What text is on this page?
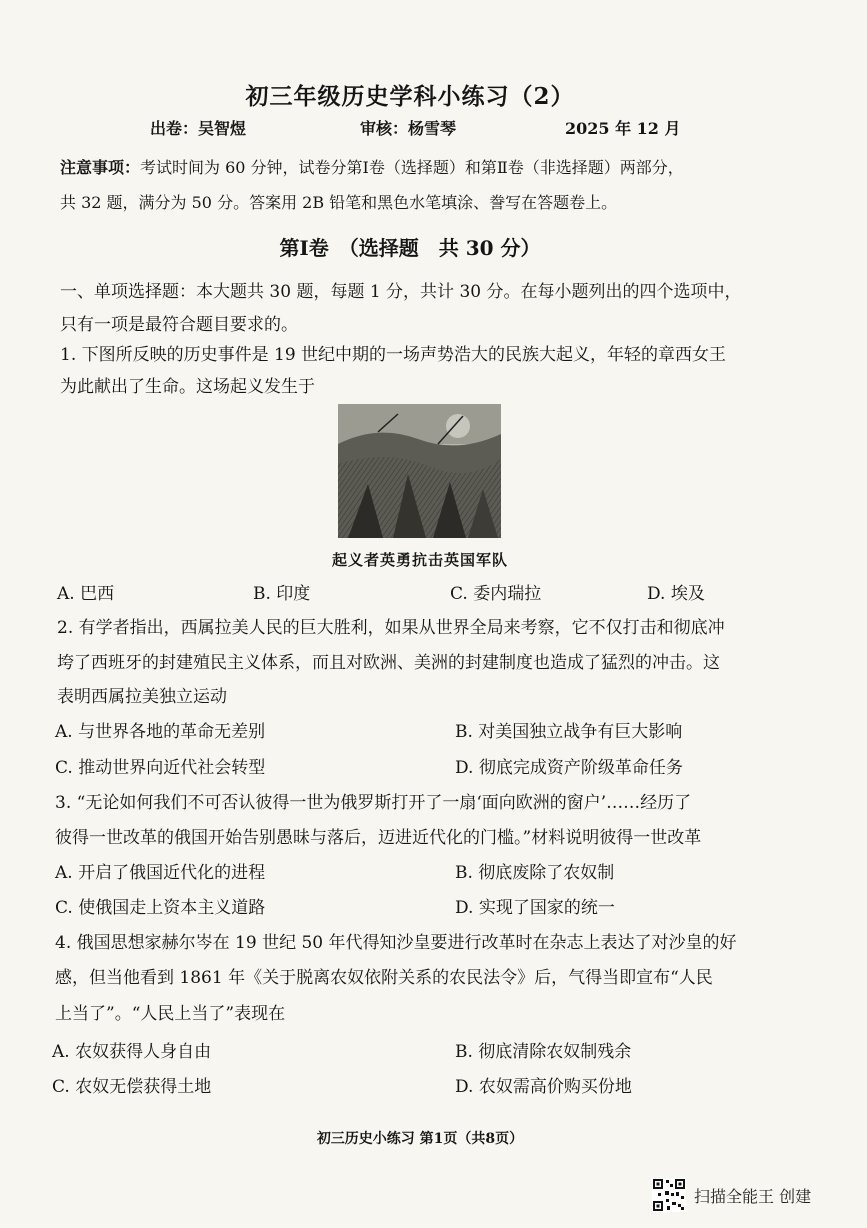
初三年级历史学科小练习（2）
出卷：吴智煜	审核：杨雪琴	2025 年 12 月
注意事项：考试时间为 60 分钟，试卷分第Ⅰ卷（选择题）和第Ⅱ卷（非选择题）两部分，
共 32 题，满分为 50 分。答案用 2B 铅笔和黑色水笔填涂、誊写在答题卷上。
第Ⅰ卷　（选择题　共 30 分）
一、单项选择题：本大题共 30 题，每题 1 分，共计 30 分。在每小题列出的四个选项中，
只有一项是最符合题目要求的。
1. 下图所反映的历史事件是 19 世纪中期的一场声势浩大的民族大起义，年轻的章西女王
为此献出了生命。这场起义发生于
起义者英勇抗击英国军队
A. 巴西	B. 印度	C. 委内瑞拉	D. 埃及
2. 有学者指出，西属拉美人民的巨大胜利，如果从世界全局来考察，它不仅打击和彻底冲
垮了西班牙的封建殖民主义体系，而且对欧洲、美洲的封建制度也造成了猛烈的冲击。这
表明西属拉美独立运动
A. 与世界各地的革命无差别	B. 对美国独立战争有巨大影响
C. 推动世界向近代社会转型	D. 彻底完成资产阶级革命任务
3. “无论如何我们不可否认彼得一世为俄罗斯打开了一扇‘面向欧洲的窗户’……经历了
彼得一世改革的俄国开始告别愚昧与落后，迈进近代化的门槛。”材料说明彼得一世改革
A. 开启了俄国近代化的进程	B. 彻底废除了农奴制
C. 使俄国走上资本主义道路	D. 实现了国家的统一
4. 俄国思想家赫尔岑在 19 世纪 50 年代得知沙皇要进行改革时在杂志上表达了对沙皇的好
感，但当他看到 1861 年《关于脱离农奴依附关系的农民法令》后，气得当即宣布“人民
上当了”。“人民上当了”表现在
A. 农奴获得人身自由	B. 彻底清除农奴制残余
C. 农奴无偿获得土地	D. 农奴需高价购买份地
初三历史小练习 第1页（共8页）
扫描全能王 创建
